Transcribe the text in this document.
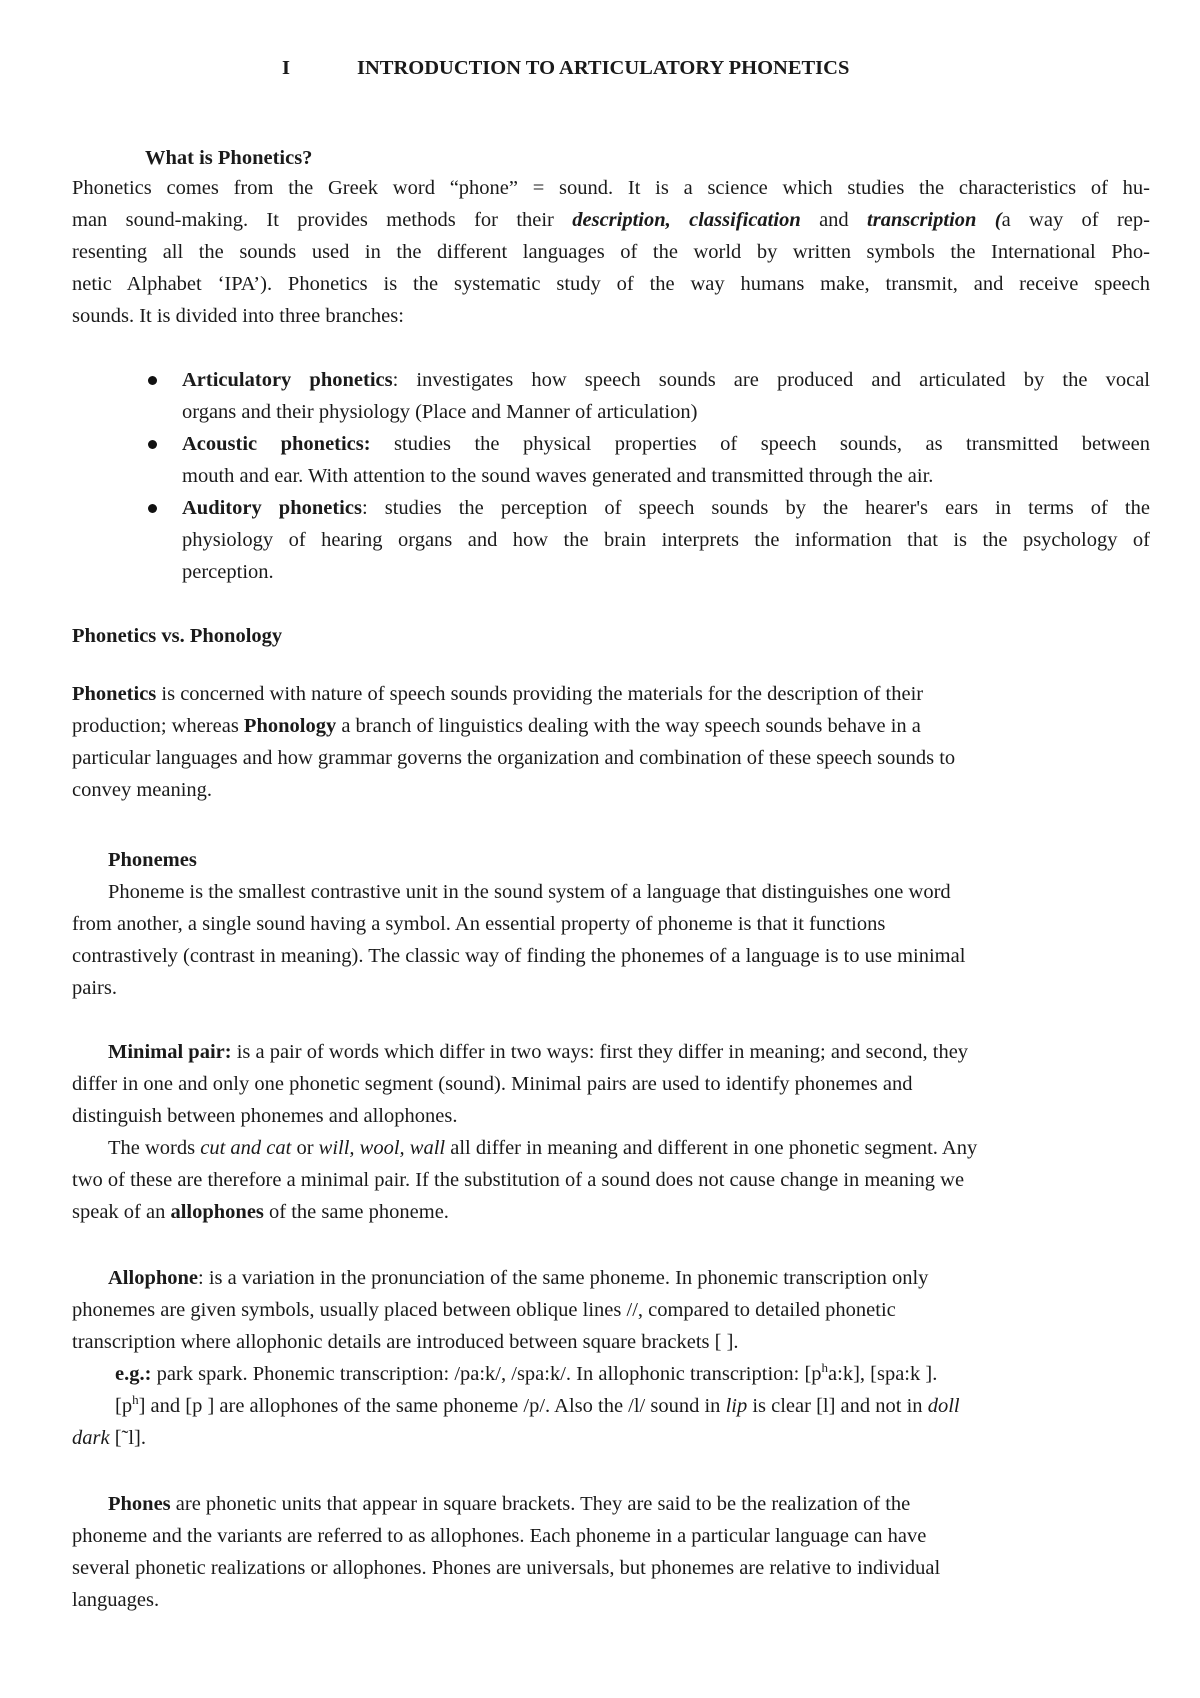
I	INTRODUCTION TO ARTICULATORY PHONETICS
What is Phonetics?
Phonetics comes from the Greek word “phone” = sound. It is a science which studies the characteristics of hu-
man sound-making. It provides methods for their description, classification and transcription (a way of rep-
resenting all the sounds used in the different languages of the world by written symbols the International Pho-
netic Alphabet ‘IPA’). Phonetics is the systematic study of the way humans make, transmit, and receive speech
sounds. It is divided into three branches:
Articulatory phonetics: investigates how speech sounds are produced and articulated by the vocal
organs and their physiology (Place and Manner of articulation)
Acoustic phonetics: studies the physical properties of speech sounds, as transmitted between
mouth and ear. With attention to the sound waves generated and transmitted through the air.
Auditory phonetics: studies the perception of speech sounds by the hearer's ears in terms of the
physiology of hearing organs and how the brain interprets the information that is the psychology of
perception.
Phonetics vs. Phonology
Phonetics is concerned with nature of speech sounds providing the materials for the description of their
production; whereas Phonology a branch of linguistics dealing with the way speech sounds behave in a
particular languages and how grammar governs the organization and combination of these speech sounds to
convey meaning.
Phonemes
Phoneme is the smallest contrastive unit in the sound system of a language that distinguishes one word
from another, a single sound having a symbol. An essential property of phoneme is that it functions
contrastively (contrast in meaning). The classic way of finding the phonemes of a language is to use minimal
pairs.
Minimal pair: is a pair of words which differ in two ways: first they differ in meaning; and second, they
differ in one and only one phonetic segment (sound). Minimal pairs are used to identify phonemes and
distinguish between phonemes and allophones.
The words cut and cat or will, wool, wall all differ in meaning and different in one phonetic segment. Any
two of these are therefore a minimal pair. If the substitution of a sound does not cause change in meaning we
speak of an allophones of the same phoneme.
Allophone: is a variation in the pronunciation of the same phoneme. In phonemic transcription only
phonemes are given symbols, usually placed between oblique lines //, compared to detailed phonetic
transcription where allophonic details are introduced between square brackets [ ].
e.g.: park spark. Phonemic transcription: /pa:k/, /spa:k/. In allophonic transcription: $[p^ha:k]$, [spa:k ].
$[p^h]$ and [p ] are allophones of the same phoneme /p/. Also the /l/ sound in lip is clear [l] and not in doll
dark [˜l].
Phones are phonetic units that appear in square brackets. They are said to be the realization of the
phoneme and the variants are referred to as allophones. Each phoneme in a particular language can have
several phonetic realizations or allophones. Phones are universals, but phonemes are relative to individual
languages.
